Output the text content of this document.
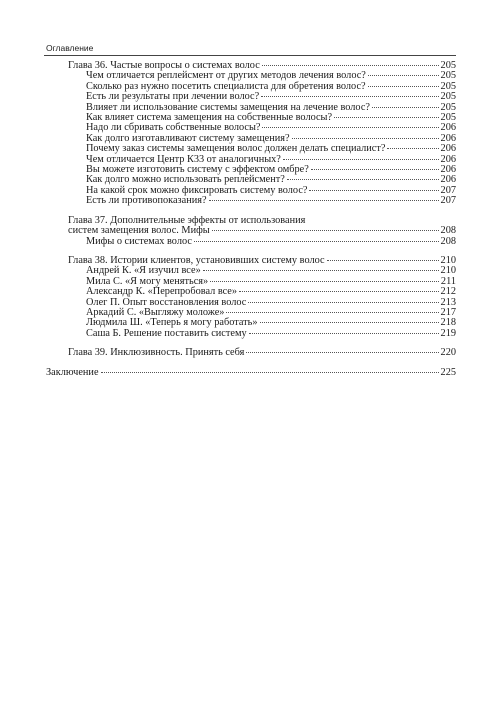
Оглавление
Глава 36. Частые вопросы о системах волос	205
Чем отличается реплейсмент от других методов лечения волос?	205
Сколько раз нужно посетить специалиста для обретения волос?	205
Есть ли результаты при лечении волос?	205
Влияет ли использование системы замещения на лечение волос?	205
Как влияет система замещения на собственные волосы?	205
Надо ли сбривать собственные волосы?	206
Как долго изготавливают систему замещения?	206
Почему заказ системы замещения волос должен делать специалист?	206
Чем отличается Центр К33 от аналогичных?	206
Вы можете изготовить систему с эффектом омбре?	206
Как долго можно использовать реплейсмент?	206
На какой срок можно фиксировать систему волос?	207
Есть ли противопоказания?	207
Глава 37. Дополнительные эффекты от использования
систем замещения волос. Мифы	208
Мифы о системах волос	208
Глава 38. Истории клиентов, установивших систему волос	210
Андрей К. «Я изучил все»	210
Мила С. «Я могу меняться»	211
Александр К. «Перепробовал все»	212
Олег П. Опыт восстановления волос	213
Аркадий С. «Выгляжу моложе»	217
Людмила Ш. «Теперь я могу работать»	218
Саша Б. Решение поставить систему	219
Глава 39. Инклюзивность. Принять себя	220
Заключение	225
